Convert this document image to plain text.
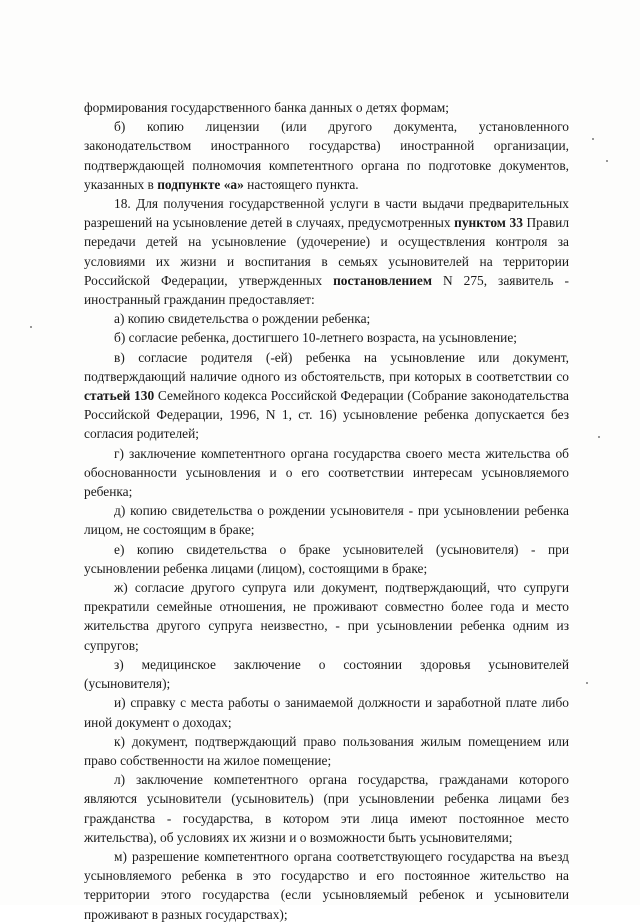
формирования государственного банка данных о детях формам;

б) копию лицензии (или другого документа, установленного законодательством иностранного государства) иностранной организации, подтверждающей полномочия компетентного органа по подготовке документов, указанных в подпункте «а» настоящего пункта.

18. Для получения государственной услуги в части выдачи предварительных разрешений на усыновление детей в случаях, предусмотренных пунктом 33 Правил передачи детей на усыновление (удочерение) и осуществления контроля за условиями их жизни и воспитания в семьях усыновителей на территории Российской Федерации, утвержденных постановлением N 275, заявитель - иностранный гражданин предоставляет:

а) копию свидетельства о рождении ребенка;

б) согласие ребенка, достигшего 10-летнего возраста, на усыновление;

в) согласие родителя (-ей) ребенка на усыновление или документ, подтверждающий наличие одного из обстоятельств, при которых в соответствии со статьей 130 Семейного кодекса Российской Федерации (Собрание законодательства Российской Федерации, 1996, N 1, ст. 16) усыновление ребенка допускается без согласия родителей;

г) заключение компетентного органа государства своего места жительства об обоснованности усыновления и о его соответствии интересам усыновляемого ребенка;

д) копию свидетельства о рождении усыновителя - при усыновлении ребенка лицом, не состоящим в браке;

е) копию свидетельства о браке усыновителей (усыновителя) - при усыновлении ребенка лицами (лицом), состоящими в браке;

ж) согласие другого супруга или документ, подтверждающий, что супруги прекратили семейные отношения, не проживают совместно более года и место жительства другого супруга неизвестно, - при усыновлении ребенка одним из супругов;

з) медицинское заключение о состоянии здоровья усыновителей (усыновителя);

и) справку с места работы о занимаемой должности и заработной плате либо иной документ о доходах;

к) документ, подтверждающий право пользования жилым помещением или право собственности на жилое помещение;

л) заключение компетентного органа государства, гражданами которого являются усыновители (усыновитель) (при усыновлении ребенка лицами без гражданства - государства, в котором эти лица имеют постоянное место жительства), об условиях их жизни и о возможности быть усыновителями;

м) разрешение компетентного органа соответствующего государства на въезд усыновляемого ребенка в это государство и его постоянное жительство на территории этого государства (если усыновляемый ребенок и усыновители проживают в разных государствах);
